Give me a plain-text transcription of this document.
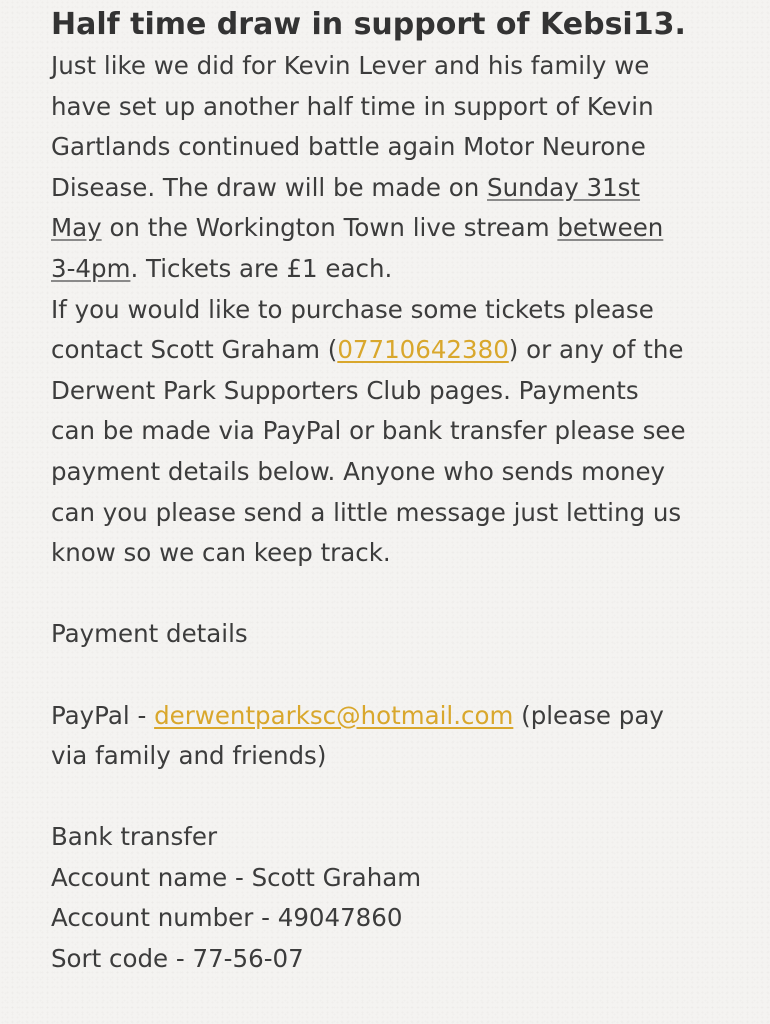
Half time draw in support of Kebsi13.
Just like we did for Kevin Lever and his family we
have set up another half time in support of Kevin
Gartlands continued battle again Motor Neurone
Disease. The draw will be made on Sunday 31st
May on the Workington Town live stream between
3-4pm. Tickets are £1 each.
If you would like to purchase some tickets please
contact Scott Graham (07710642380) or any of the
Derwent Park Supporters Club pages. Payments
can be made via PayPal or bank transfer please see
payment details below. Anyone who sends money
can you please send a little message just letting us
know so we can keep track.
Payment details
PayPal - derwentparksc@hotmail.com (please pay
via family and friends)
Bank transfer
Account name - Scott Graham
Account number - 49047860
Sort code - 77-56-07
